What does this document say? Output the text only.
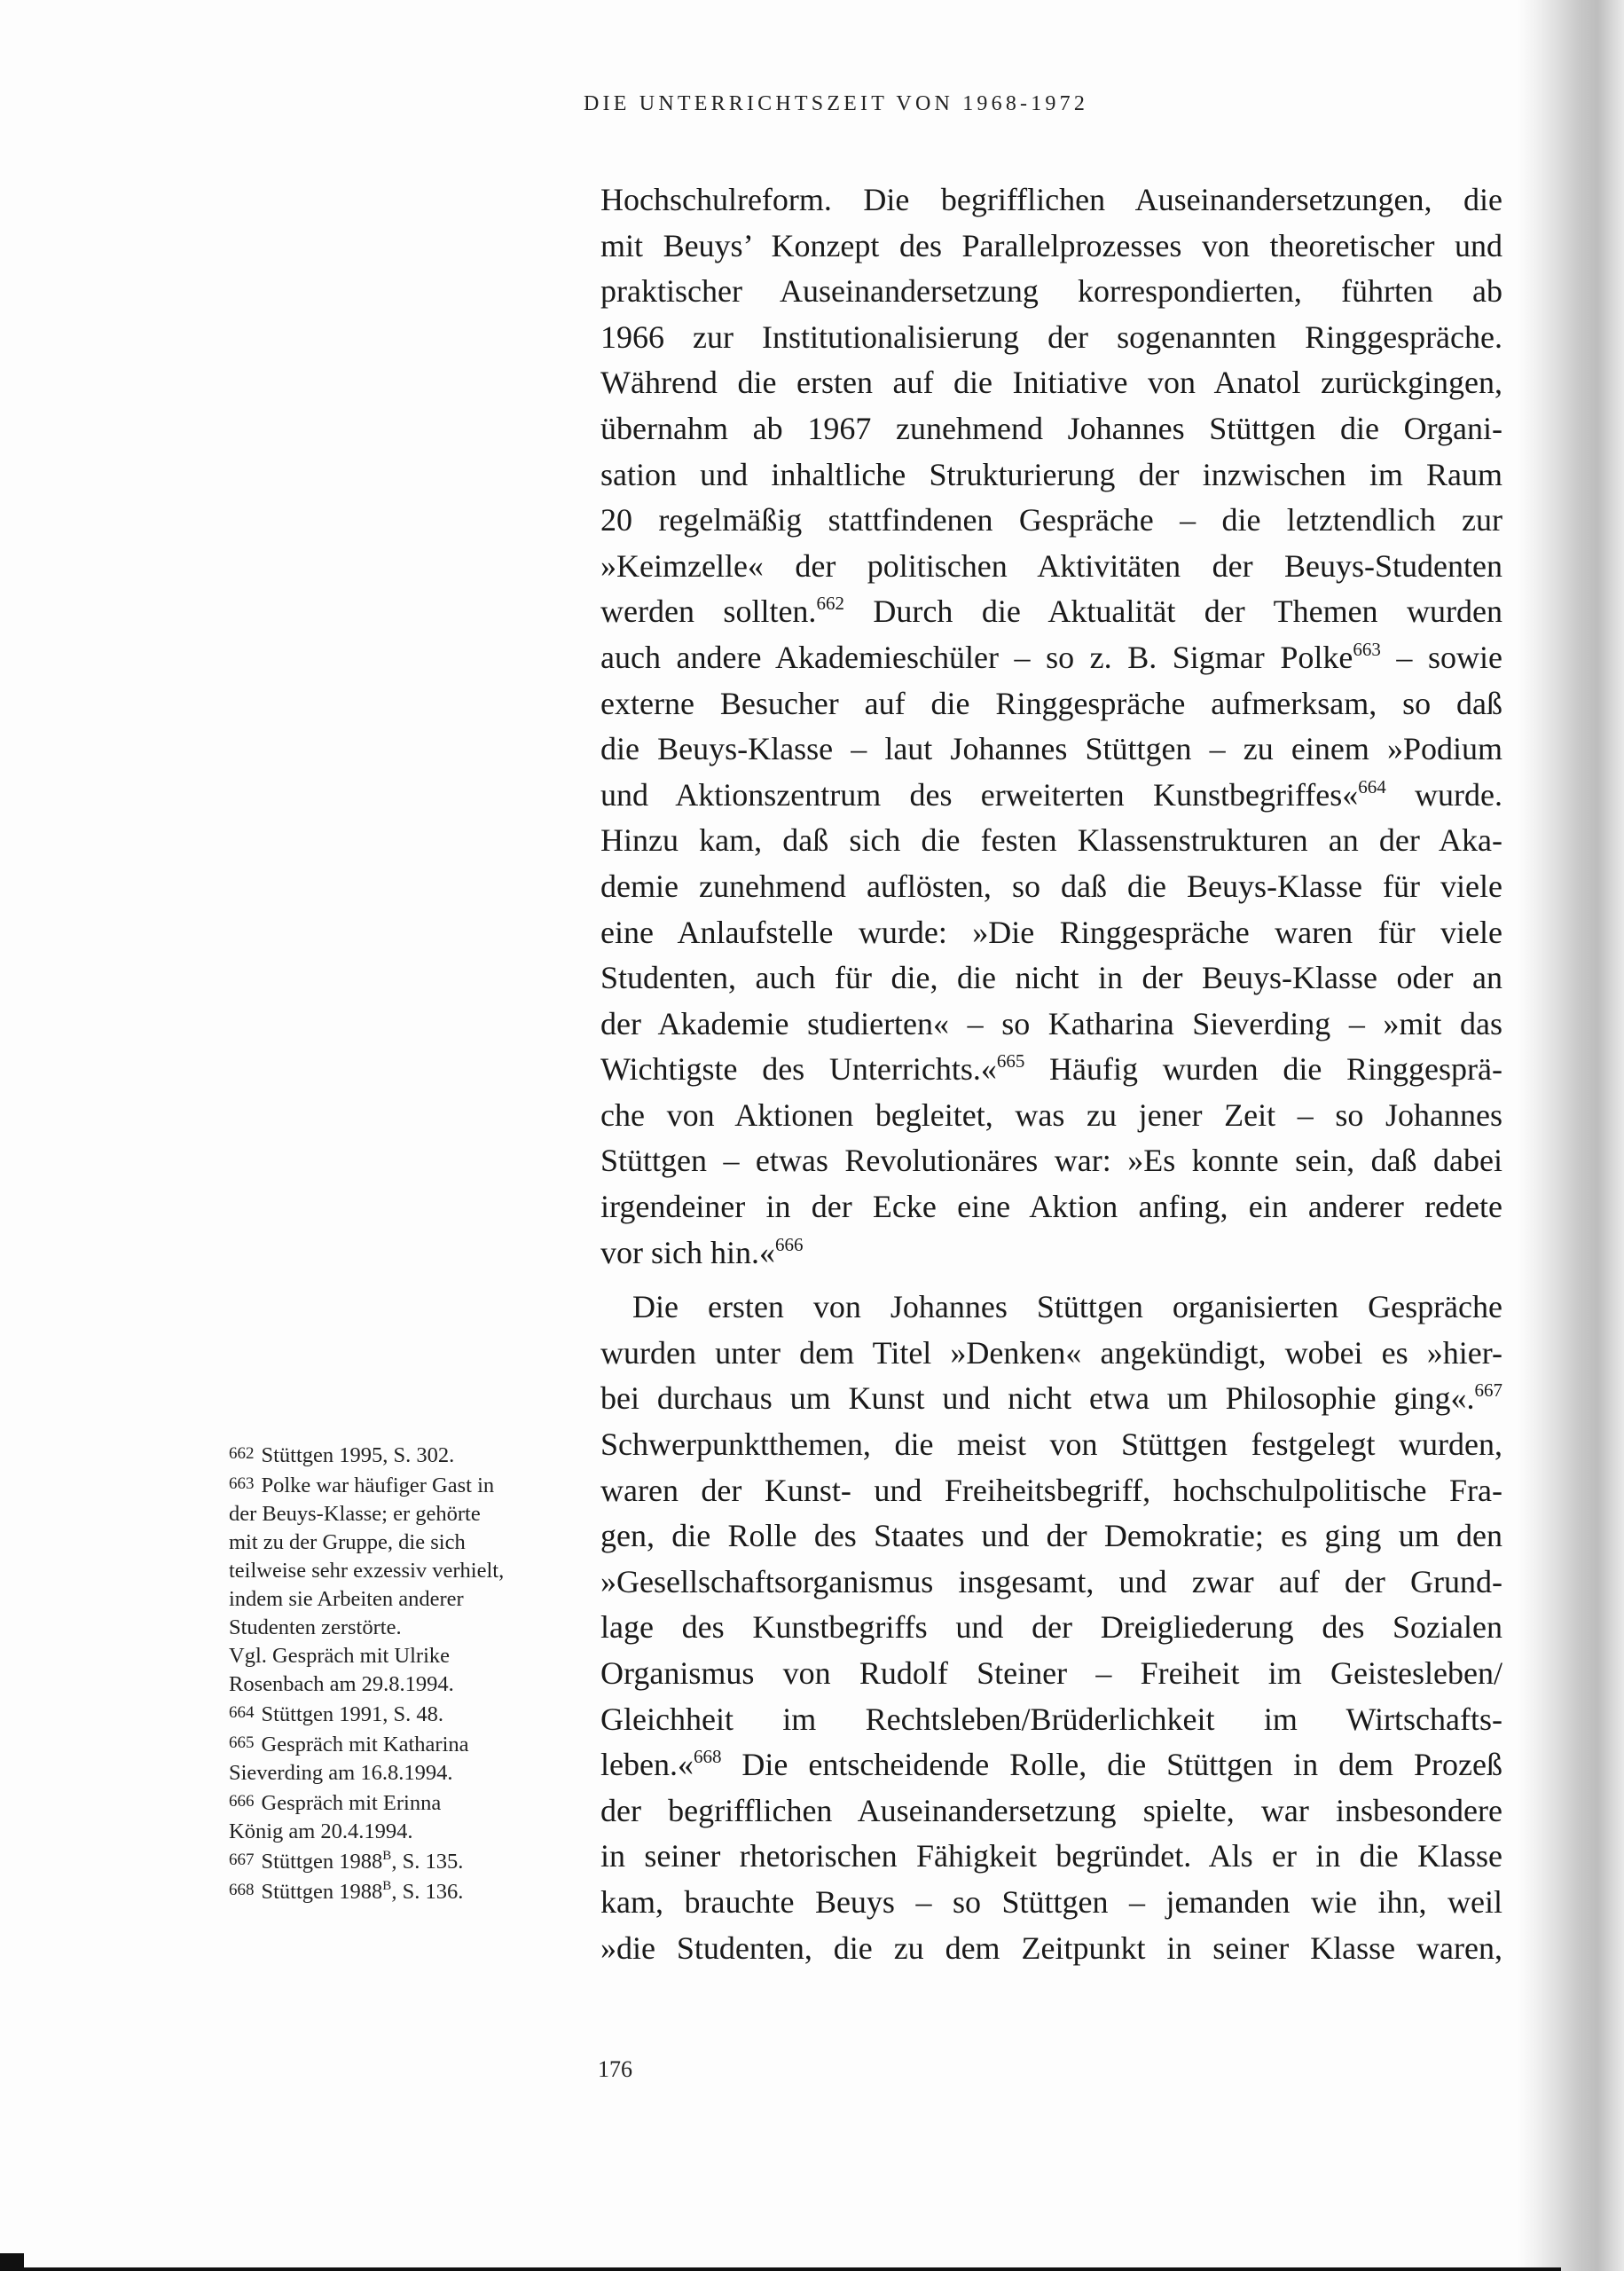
DIE UNTERRICHTSZEIT VON 1968-1972
Hochschulreform. Die begrifflichen Auseinandersetzungen, die
mit Beuys’ Konzept des Parallelprozesses von theoretischer und
praktischer Auseinandersetzung korrespondierten, führten ab
1966 zur Institutionalisierung der sogenannten Ringgespräche.
Während die ersten auf die Initiative von Anatol zurückgingen,
übernahm ab 1967 zunehmend Johannes Stüttgen die Organi-
sation und inhaltliche Strukturierung der inzwischen im Raum
20 regelmäßig stattfindenen Gespräche – die letztendlich zur
»Keimzelle« der politischen Aktivitäten der Beuys-Studenten
werden sollten.$^{662}$ Durch die Aktualität der Themen wurden
auch andere Akademieschüler – so z. B. Sigmar Polke$^{663}$ – sowie
externe Besucher auf die Ringgespräche aufmerksam, so daß
die Beuys-Klasse – laut Johannes Stüttgen – zu einem »Podium
und Aktionszentrum des erweiterten Kunstbegriffes«$^{664}$ wurde.
Hinzu kam, daß sich die festen Klassenstrukturen an der Aka-
demie zunehmend auflösten, so daß die Beuys-Klasse für viele
eine Anlaufstelle wurde: »Die Ringgespräche waren für viele
Studenten, auch für die, die nicht in der Beuys-Klasse oder an
der Akademie studierten« – so Katharina Sieverding – »mit das
Wichtigste des Unterrichts.«$^{665}$ Häufig wurden die Ringgesprä-
che von Aktionen begleitet, was zu jener Zeit – so Johannes
Stüttgen – etwas Revolutionäres war: »Es konnte sein, daß dabei
irgendeiner in der Ecke eine Aktion anfing, ein anderer redete
vor sich hin.«$^{666}$
Die ersten von Johannes Stüttgen organisierten Gespräche
wurden unter dem Titel »Denken« angekündigt, wobei es »hier-
bei durchaus um Kunst und nicht etwa um Philosophie ging«.$^{667}$
Schwerpunktthemen, die meist von Stüttgen festgelegt wurden,
waren der Kunst- und Freiheitsbegriff, hochschulpolitische Fra-
gen, die Rolle des Staates und der Demokratie; es ging um den
»Gesellschaftsorganismus insgesamt, und zwar auf der Grund-
lage des Kunstbegriffs und der Dreigliederung des Sozialen
Organismus von Rudolf Steiner – Freiheit im Geistesleben/
Gleichheit im Rechtsleben/Brüderlichkeit im Wirtschafts-
leben.«$^{668}$ Die entscheidende Rolle, die Stüttgen in dem Prozeß
der begrifflichen Auseinandersetzung spielte, war insbesondere
in seiner rhetorischen Fähigkeit begründet. Als er in die Klasse
kam, brauchte Beuys – so Stüttgen – jemanden wie ihn, weil
»die Studenten, die zu dem Zeitpunkt in seiner Klasse waren,
662 Stüttgen 1995, S. 302.
663 Polke war häufiger Gast in
der Beuys-Klasse; er gehörte
mit zu der Gruppe, die sich
teilweise sehr exzessiv verhielt,
indem sie Arbeiten anderer
Studenten zerstörte.
Vgl. Gespräch mit Ulrike
Rosenbach am 29.8.1994.
664 Stüttgen 1991, S. 48.
665 Gespräch mit Katharina
Sieverding am 16.8.1994.
666 Gespräch mit Erinna
König am 20.4.1994.
667 Stüttgen 1988$^B$, S. 135.
668 Stüttgen 1988$^B$, S. 136.
176
